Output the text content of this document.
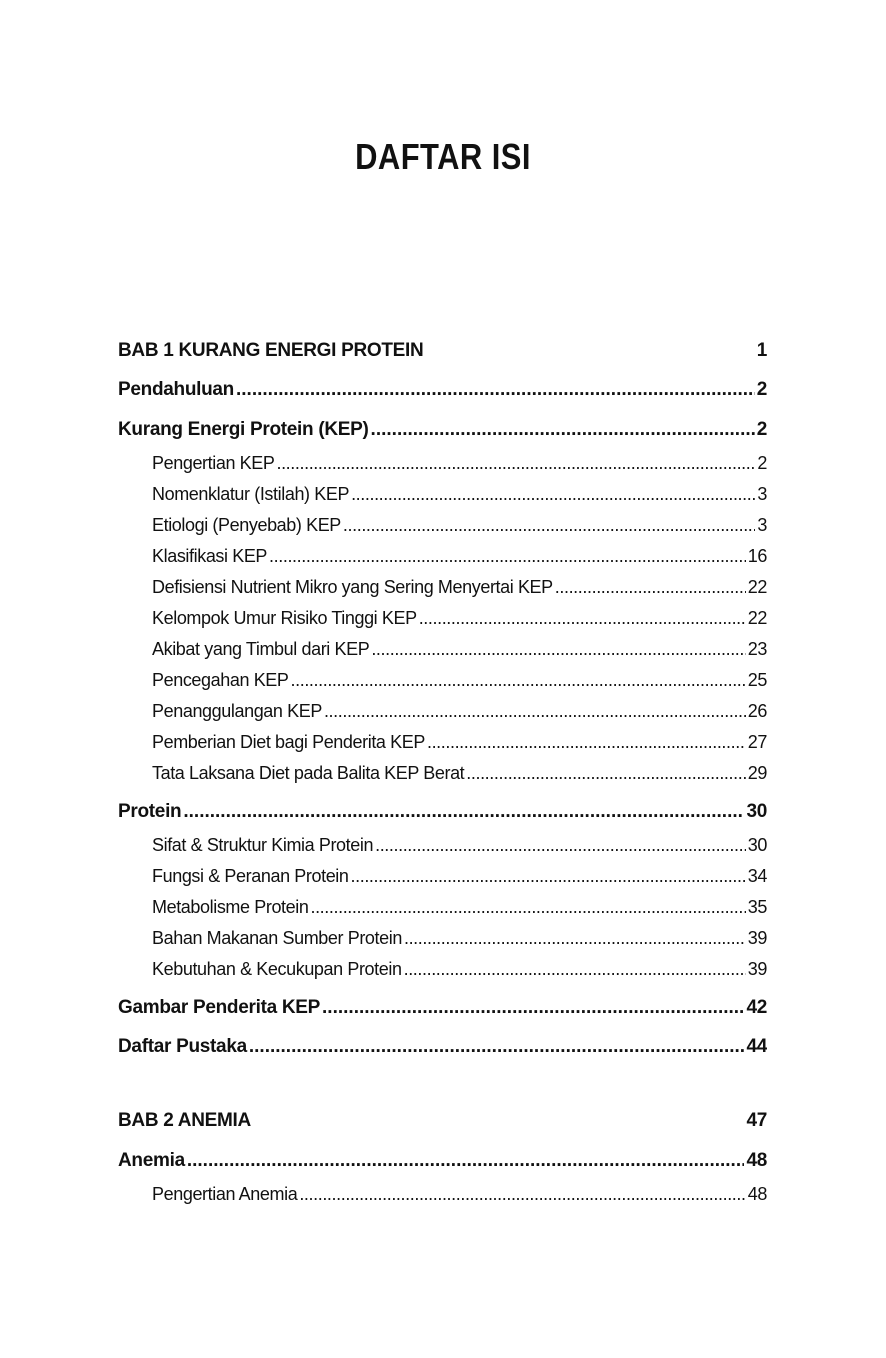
DAFTAR ISI
BAB 1 KURANG ENERGI PROTEIN	1
Pendahuluan .....	2
Kurang Energi Protein (KEP) .....	2
Pengertian KEP .....	2
Nomenklatur (Istilah) KEP .....	3
Etiologi (Penyebab) KEP .....	3
Klasifikasi KEP .....	16
Defisiensi Nutrient Mikro yang Sering Menyertai KEP .....	22
Kelompok Umur Risiko Tinggi KEP .....	22
Akibat yang Timbul dari KEP .....	23
Pencegahan KEP .....	25
Penanggulangan KEP .....	26
Pemberian Diet bagi Penderita KEP .....	27
Tata Laksana Diet pada Balita KEP Berat .....	29
Protein .....	30
Sifat & Struktur Kimia Protein .....	30
Fungsi & Peranan Protein .....	34
Metabolisme Protein .....	35
Bahan Makanan Sumber Protein .....	39
Kebutuhan & Kecukupan Protein .....	39
Gambar Penderita KEP .....	42
Daftar Pustaka .....	44
BAB 2 ANEMIA	47
Anemia .....	48
Pengertian Anemia .....	48
